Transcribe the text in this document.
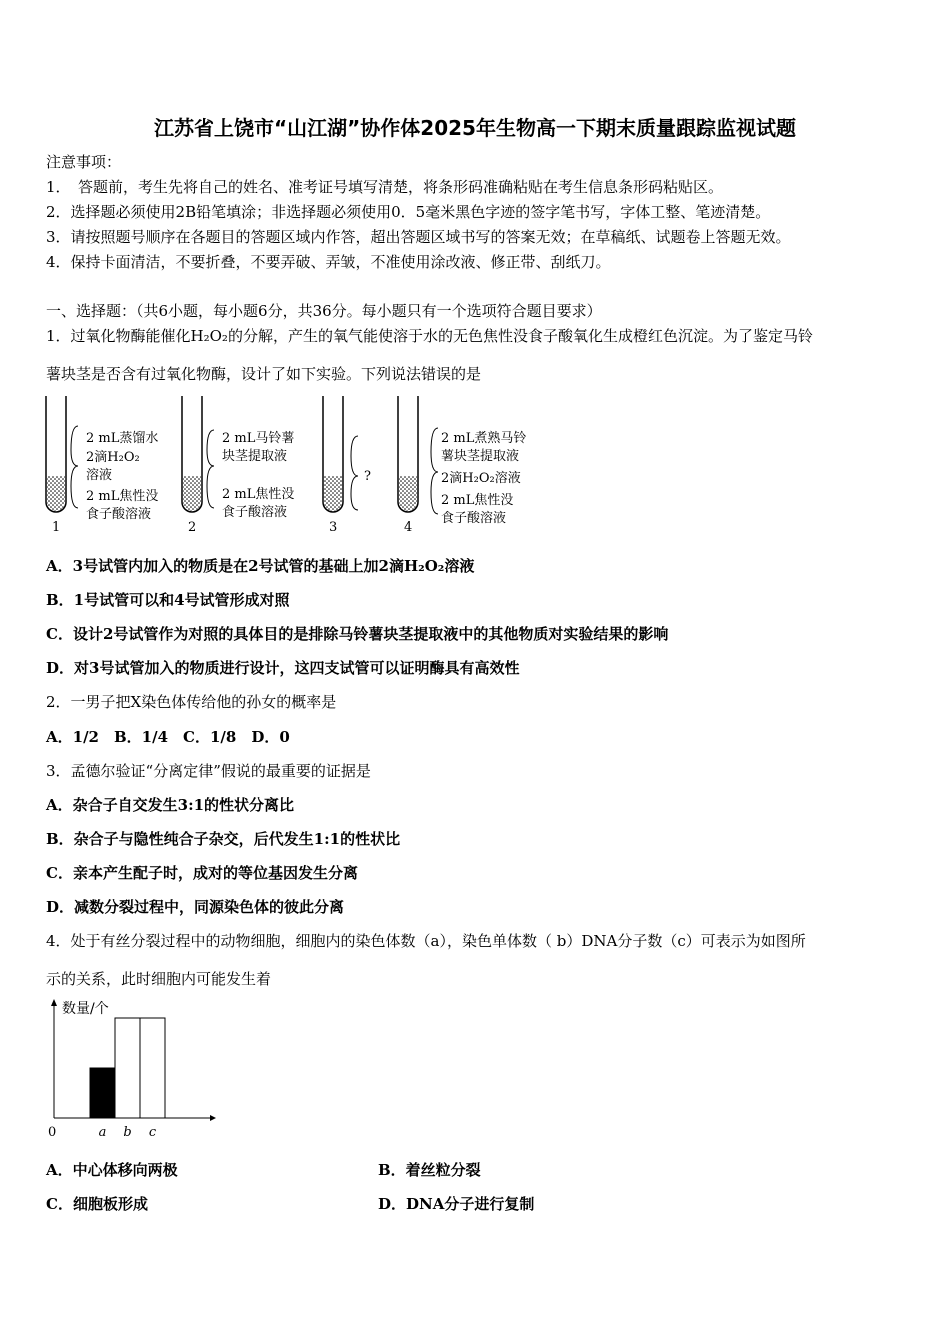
江苏省上饶市“山江湖”协作体2025年生物高一下期末质量跟踪监视试题
注意事项：
1．　答题前，考生先将自己的姓名、准考证号填写清楚，将条形码准确粘贴在考生信息条形码粘贴区。
2．选择题必须使用2B铅笔填涂；非选择题必须使用0．5毫米黑色字迹的签字笔书写，字体工整、笔迹清楚。
3．请按照题号顺序在各题目的答题区域内作答，超出答题区域书写的答案无效；在草稿纸、试题卷上答题无效。
4．保持卡面清洁，不要折叠，不要弄破、弄皱，不准使用涂改液、修正带、刮纸刀。
一、选择题：（共6小题，每小题6分，共36分。每小题只有一个选项符合题目要求）
1．过氧化物酶能催化H₂O₂的分解，产生的氧气能使溶于水的无色焦性没食子酸氧化生成橙红色沉淀。为了鉴定马铃
薯块茎是否含有过氧化物酶，设计了如下实验。下列说法错误的是
1
2 mL蒸馏水
2滴H₂O₂
溶液
2 mL焦性没
食子酸溶液
2
2 mL马铃薯
块茎提取液
2 mL焦性没
食子酸溶液
3
?
4
2 mL煮熟马铃
薯块茎提取液
2滴H₂O₂溶液
2 mL焦性没
食子酸溶液
A．3号试管内加入的物质是在2号试管的基础上加2滴H₂O₂溶液
B．1号试管可以和4号试管形成对照
C．设计2号试管作为对照的具体目的是排除马铃薯块茎提取液中的其他物质对实验结果的影响
D．对3号试管加入的物质进行设计，这四支试管可以证明酶具有高效性
2．一男子把X染色体传给他的孙女的概率是
A．1/2　B．1/4　C．1/8　D．0
3．孟德尔验证“分离定律”假说的最重要的证据是
A．杂合子自交发生3:1的性状分离比
B．杂合子与隐性纯合子杂交，后代发生1:1的性状比
C．亲本产生配子时，成对的等位基因发生分离
D．减数分裂过程中，同源染色体的彼此分离
4．处于有丝分裂过程中的动物细胞，细胞内的染色体数（a），染色单体数（ b）DNA分子数（c）可表示为如图所
示的关系，此时细胞内可能发生着
数量/个
0	a b c
A．中心体移向两极	B．着丝粒分裂
C．细胞板形成	D．DNA分子进行复制
